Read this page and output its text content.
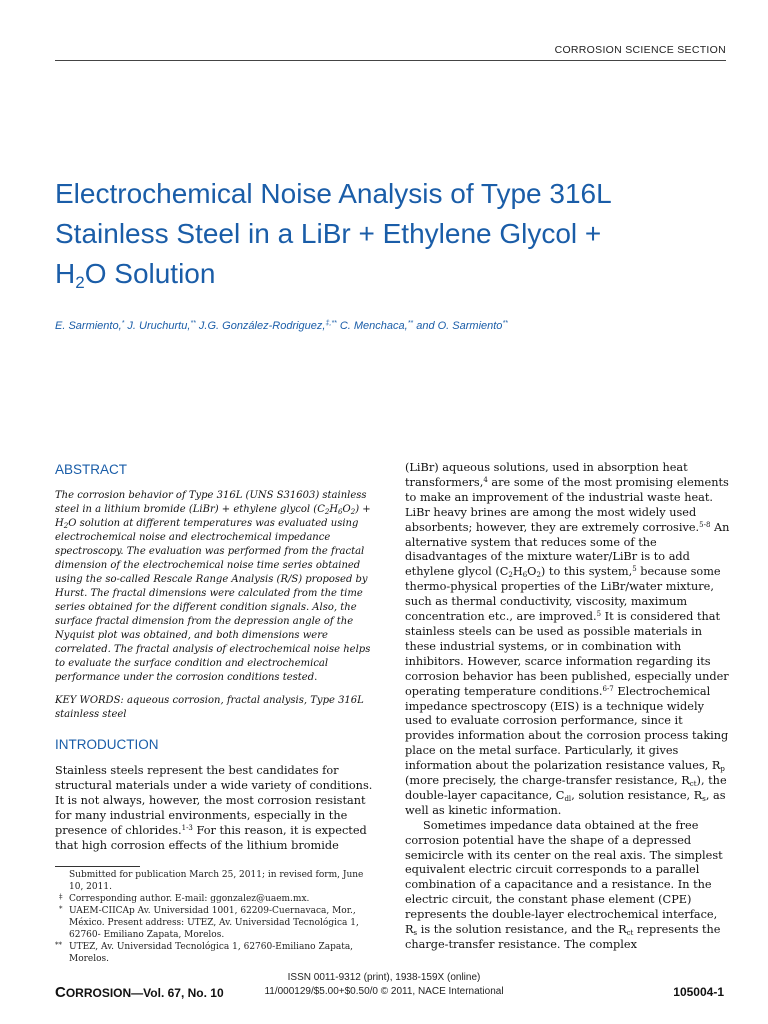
CORROSION SCIENCE SECTION
Electrochemical Noise Analysis of Type 316L
Stainless Steel in a LiBr + Ethylene Glycol +
$H_2O$ Solution
E. Sarmiento,* J. Uruchurtu,** J.G. González-Rodriguez,‡,** C. Menchaca,** and O. Sarmiento**
ABSTRACT

The corrosion behavior of Type 316L (UNS S31603) stainless steel in a lithium bromide (LiBr) + ethylene glycol $(C_2H_6O_2) + H_2O$ solution at different temperatures was evaluated using electrochemical noise and electrochemical impedance spectroscopy. The evaluation was performed from the fractal dimension of the electrochemical noise time series obtained using the so-called Rescale Range Analysis (R/S) proposed by Hurst. The fractal dimensions were calculated from the time series obtained for the different condition signals. Also, the surface fractal dimension from the depression angle of the Nyquist plot was obtained, and both dimensions were correlated. The fractal analysis of electrochemical noise helps to evaluate the surface condition and electrochemical performance under the corrosion conditions tested.

KEY WORDS: aqueous corrosion, fractal analysis, Type 316L stainless steel

INTRODUCTION

Stainless steels represent the best candidates for structural materials under a wide variety of conditions. It is not always, however, the most corrosion resistant for many industrial environments, especially in the presence of chlorides.$^{1-3}$ For this reason, it is expected that high corrosion effects of the lithium bromide

(LiBr) aqueous solutions, used in absorption heat transformers,$^4$ are some of the most promising elements to make an improvement of the industrial waste heat. LiBr heavy brines are among the most widely used absorbents; however, they are extremely corrosive.$^{5-8}$ An alternative system that reduces some of the disadvantages of the mixture water/LiBr is to add ethylene glycol $(C_2H_6O_2)$ to this system,$^5$ because some thermo-physical properties of the LiBr/water mixture, such as thermal conductivity, viscosity, maximum concentration etc., are improved.$^5$ It is considered that stainless steels can be used as possible materials in these industrial systems, or in combination with inhibitors. However, scarce information regarding its corrosion behavior has been published, especially under operating temperature conditions.$^{6-7}$ Electrochemical impedance spectroscopy (EIS) is a technique widely used to evaluate corrosion performance, since it provides information about the corrosion process taking place on the metal surface. Particularly, it gives information about the polarization resistance values, $R_p$ (more precisely, the charge-transfer resistance, $R_{ct}$), the double-layer capacitance, $C_{dl}$, solution resistance, $R_s$, as well as kinetic information.

Sometimes impedance data obtained at the free corrosion potential have the shape of a depressed semicircle with its center on the real axis. The simplest equivalent electric circuit corresponds to a parallel combination of a capacitance and a resistance. In the electric circuit, the constant phase element (CPE) represents the double-layer electrochemical interface, $R_s$ is the solution resistance, and the $R_{ct}$ represents the charge-transfer resistance. The complex

Submitted for publication March 25, 2011; in revised form, June 10, 2011.
‡ Corresponding author. E-mail: ggonzalez@uaem.mx.
* UAEM-CIICAp Av. Universidad 1001, 62209-Cuernavaca, Mor., México. Present address: UTEZ, Av. Universidad Tecnológica 1, 62760- Emiliano Zapata, Morelos.
** UTEZ, Av. Universidad Tecnológica 1, 62760-Emiliano Zapata, Morelos.
ISSN 0011-9312 (print), 1938-159X (online)
CORROSION—Vol. 67, No. 10	11/000129/$5.00+$0.50/0 © 2011, NACE International	105004-1
